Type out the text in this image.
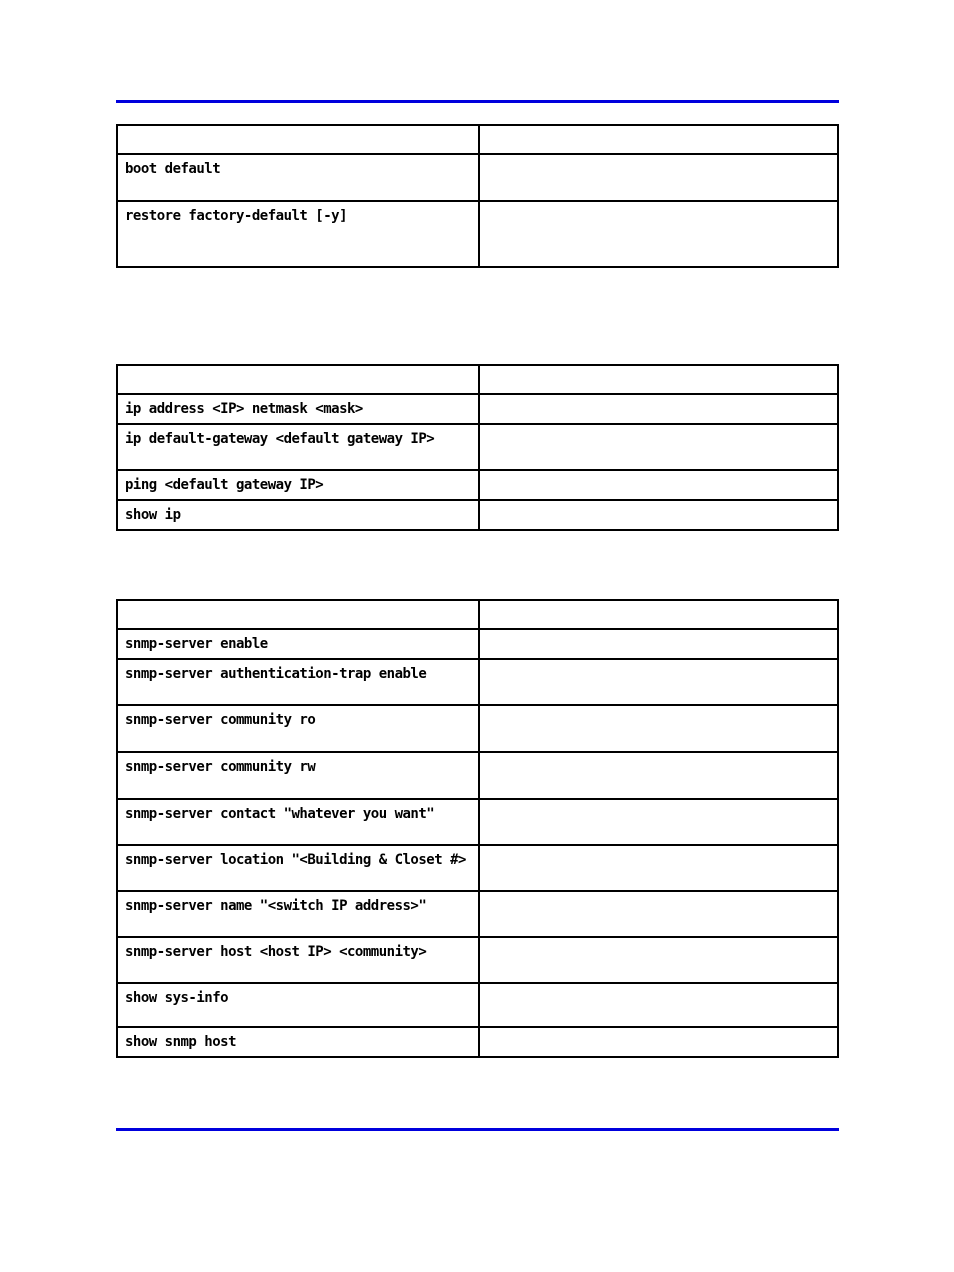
boot default	
restore factory-default [-y]	

ip address <IP> netmask <mask>	
ip default-gateway <default gateway IP>	
ping <default gateway IP>	
show ip	

snmp-server enable	
snmp-server authentication-trap enable	
snmp-server community ro	
snmp-server community rw	
snmp-server contact "whatever you want"	
snmp-server location "<Building & Closet #>	
snmp-server name "<switch IP address>"	
snmp-server host <host IP> <community>	
show sys-info	
show snmp host	
